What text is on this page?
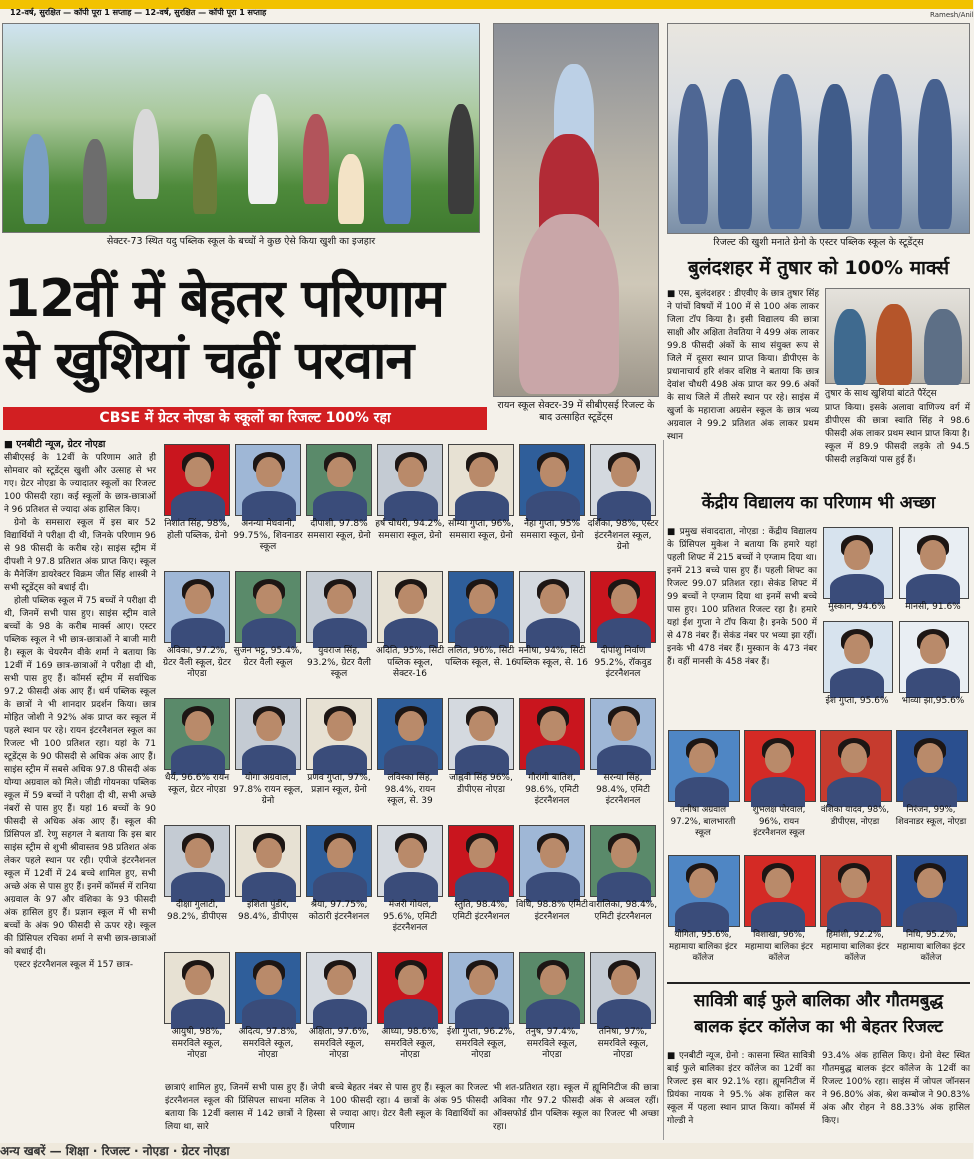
12-वर्ष, सुरक्षित — कॉपी पूरा 1 सप्ताह — 12-वर्ष, सुरक्षित — कॉपी पूरा 1 सप्ताह	Ramesh/Anil
सेक्टर-73 स्थित यदु पब्लिक स्कूल के बच्चों ने कुछ ऐसे किया खुशी का इजहार
रायन स्कूल सेक्टर-39 में सीबीएसई रिजल्ट के बाद उत्साहित स्टूडेंट्स
रिजल्ट की खुशी मनाते ग्रेनो के एस्टर पब्लिक स्कूल के स्टूडेंट्स
12वीं में बेहतर परिणाम
से खुशियां चढ़ीं परवान
CBSE में ग्रेटर नोएडा के स्कूलों का रिजल्ट 100% रहा
■ एनबीटी न्यूज, ग्रेटर नोएडा

सीबीएसई के 12वीं के परिणाम आते ही सोमवार को स्टूडेंट्स खुशी और उत्साह से भर गए। ग्रेटर नोएडा के ज्यादातर स्कूलों का रिजल्ट 100 फीसदी रहा। कई स्कूलों के छात्र-छात्राओं ने 96 प्रतिशत से ज्यादा अंक हासिल किए।

ग्रेनो के समसारा स्कूल में इस बार 52 विद्यार्थियों ने परीक्षा दी थी, जिनके परिणाम 96 से 98 फीसदी के करीब रहे। साइंस स्ट्रीम में दीपशी ने 97.8 प्रतिशत अंक प्राप्त किए। स्कूल के मैनेजिंग डायरेक्टर विक्रम जीत सिंह शास्त्री ने सभी स्टूडेंट्स को बधाई दी।

होली पब्लिक स्कूल में 75 बच्चों ने परीक्षा दी थी, जिनमें सभी पास हुए। साइंस स्ट्रीम वाले बच्चों के 98 के करीब मार्क्स आए। एस्टर पब्लिक स्कूल ने भी छात्र-छात्राओं ने बाजी मारी है। स्कूल के चेयरमैन वीके शर्मा ने बताया कि 12वीं में 169 छात्र-छात्राओं ने परीक्षा दी थी, सभी पास हुए हैं। कॉमर्स स्ट्रीम में सर्वाधिक 97.2 फीसदी अंक आए हैं। धर्म पब्लिक स्कूल के छात्रों ने भी शानदार प्रदर्शन किया। छात्र मोहित जोशी ने 92% अंक प्राप्त कर स्कूल में पहले स्थान पर रहे। रायन इंटरनैशनल स्कूल का रिजल्ट भी 100 प्रतिशत रहा। यहां के 71 स्टूडेंट्स के 90 फीसदी से अधिक अंक आए हैं। साइंस स्ट्रीम में सबसे अधिक 97.8 फीसदी अंक योग्या अग्रवाल को मिले। जीडी गोयनका पब्लिक स्कूल में 59 बच्चों ने परीक्षा दी थी, सभी अच्छे नंबरों से पास हुए हैं। यहां 16 बच्चों के 90 फीसदी से अधिक अंक आए हैं। स्कूल की प्रिंसिपल डॉ. रेणु सहगल ने बताया कि इस बार साइंस स्ट्रीम से शुभी श्रीवास्तव 98 प्रतिशत अंक लेकर पहले स्थान पर रही। एपीजे इंटरनैशनल स्कूल में 12वीं में 24 बच्चे शामिल हुए, सभी अच्छे अंक से पास हुए हैं। इनमें कॉमर्स में रानिया अग्रवाल के 97 और वंशिका के 93 फीसदी अंक हासिल हुए हैं। प्रज्ञान स्कूल में भी सभी बच्चों के अंक 90 फीसदी से ऊपर रहे। स्कूल की प्रिंसिपल रचिका शर्मा ने सभी छात्र-छात्राओं को बधाई दी।

एस्टर इंटरनैशनल स्कूल में 157 छात्र-

निशांत सिंह, 98%, होली पब्लिक, ग्रेनो
अनन्या मेधवानी, 99.75%, शिवनाडर स्कूल
दीपाशी, 97.8% समसारा स्कूल, ग्रेनो
हर्ष चौधरी, 94.2%, समसारा स्कूल, ग्रेनो
सौम्या गुप्ता, 96%, समसारा स्कूल, ग्रेनो
नेहा गुप्ता, 95% समसारा स्कूल, ग्रेनो
दर्शिका, 98%, एस्टर इंटरनैशनल स्कूल, ग्रेनो
अविका, 97.2%, ग्रेटर वैली स्कूल, ग्रेटर नोएडा
सुजन भट्ट, 95.4%, ग्रेटर वैली स्कूल
युवराज सिंह, 93.2%, ग्रेटर वैली स्कूल
अदिति, 95%, सिटी पब्लिक स्कूल, सेक्टर-16
ललित, 96%, सिटी पब्लिक स्कूल, से. 16
मनीषा, 94%, सिटी पब्लिक स्कूल, से. 16
दीपांशु निर्वाण 95.2%, रॉकवुड इंटरनैशनल
धैर्य, 96.6% रायन स्कूल, ग्रेटर नोएडा
योगा अग्रवाल, 97.8% रायन स्कूल, ग्रेनो
प्रणव गुप्ता, 97%, प्रज्ञान स्कूल, ग्रेनो
लविस्का सिंह, 98.4%, रायन स्कूल, से. 39
जाह्नवी सिंह 96%, डीपीएस नोएडा
गौरांगी बातिश, 98.6%, एमिटी इंटरनैशनल
सरन्या सिंह, 98.4%, एमिटी इंटरनैशनल
दीक्षा गुलाटी, 98.2%, डीपीएस
इशिता पुंडीर, 98.4%, डीपीएस
श्रेया, 97.75%, कोठारी इंटरनैशनल
मंजरी गोयल, 95.6%, एमिटी इंटरनैशनल
स्तुति, 98.4%, एमिटी इंटरनैशनल
विधि, 98.8% एमिटी इंटरनैशनल
वारालिका, 98.4%, एमिटी इंटरनैशनल
आयुषी, 98%, समरविले स्कूल, नोएडा
अदित्य, 97.8%, समरविले स्कूल, नोएडा
अक्षिता, 97.6%, समरविले स्कूल, नोएडा
आध्या, 98.6%, समरविले स्कूल, नोएडा
ईशा गुप्ता, 96.2%, समरविले स्कूल, नोएडा
तनुष, 97.4%, समरविले स्कूल, नोएडा
तनिषा, 97%, समरविले स्कूल, नोएडा
छात्राएं शामिल हुए, जिनमें सभी पास हुए हैं। जेपी इंटरनैशनल स्कूल की प्रिंसिपल साधना मलिक ने बताया कि 12वीं क्लास में 142 छात्रों ने हिस्सा लिया था, सारे
बच्चे बेहतर नंबर से पास हुए हैं। स्कूल का रिजल्ट 100 फीसदी रहा। 4 छात्रों के अंक 95 फीसदी से ज्यादा आए। ग्रेटर वैली स्कूल के विद्यार्थियों का परिणाम
भी शत-प्रतिशत रहा। स्कूल में ह्यूमिनिटीज की छात्रा अविका गौर 97.2 फीसदी अंक से अव्वल रहीं। ऑक्सफोर्ड ग्रीन पब्लिक स्कूल का रिजल्ट भी अच्छा रहा।
बुलंदशहर में तुषार को 100% मार्क्स
■ एस, बुलंदशहर : डीएवीए के छात्र तुषार सिंह ने पांचों विषयों में 100 में से 100 अंक लाकर जिला टॉप किया है। इसी विद्यालय की छात्रा साक्षी और अक्षिता तेवतिया ने 499 अंक लाकर 99.8 फीसदी अंकों के साथ संयुक्त रूप से जिले में दूसरा स्थान प्राप्त किया। डीपीएस के प्रधानाचार्य हरि शंकर वशिष्ठ ने बताया कि छात्र देवांश चौधरी 498 अंक प्राप्त कर 99.6 अंकों के साथ जिले में तीसरे स्थान पर रहे। साइंस में खुर्जा के महाराजा अग्रसेन स्कूल के छात्र भव्य अग्रवाल ने 99.2 प्रतिशत अंक लाकर प्रथम स्थान
तुषार के साथ खुशियां बांटते पैरेंट्स
प्राप्त किया। इसके अलावा वाणिज्य वर्ग में डीपीएस की छात्रा स्वाति सिंह ने 98.6 फीसदी अंक लाकर प्रथम स्थान प्राप्त किया है। स्कूल में 89.9 फीसदी लड़के तो 94.5 फीसदी लड़कियां पास हुई हैं।
केंद्रीय विद्यालय का परिणाम भी अच्छा
■ प्रमुख संवाददाता, नोएडा : केंद्रीय विद्यालय के प्रिंसिपल मुकेश ने बताया कि हमारे यहां पहली शिफ्ट में 215 बच्चों ने एग्जाम दिया था। इनमें 213 बच्चे पास हुए हैं। पहली शिफ्ट का रिजल्ट 99.07 प्रतिशत रहा। सेकंड शिफ्ट में 99 बच्चों ने एग्जाम दिया था इनमें सभी बच्चे पास हुए। 100 प्रतिशत रिजल्ट रहा है। हमारे यहां ईश गुप्ता ने टॉप किया है। इनके 500 में से 478 नंबर हैं। सेकंड नंबर पर भव्या झा रहीं। इनके भी 478 नंबर हैं। मुस्कान के 473 नंबर हैं। वहीं मानसी के 458 नंबर हैं।
मुस्कान, 94.6%	मानसी, 91.6%
ईश गुप्ता, 95.6%	भाव्या झा,95.6%
तनीषा अग्रवाल 97.2%, बालभारती स्कूल
शुभलक्ष पोरवाल, 96%, रायन इंटरनैशनल स्कूल
वंशिका यादव, 98%, डीपीएस, नोएडा
निरंजन, 99%, शिवनाडर स्कूल, नोएडा
योगिता, 95.6%, महामाया बालिका इंटर कॉलेज
विशाखा, 96%, महामाया बालिका इंटर कॉलेज
हिमांशी, 92.2%, महामाया बालिका इंटर कॉलेज
निधि, 95.2%, महामाया बालिका इंटर कॉलेज
सावित्री बाई फुले बालिका और गौतमबुद्ध
बालक इंटर कॉलेज का भी बेहतर रिजल्ट
■ एनबीटी न्यूज, ग्रेनो : कासना स्थित सावित्री बाई फुले बालिका इंटर कॉलेज का 12वीं का रिजल्ट इस बार 92.1% रहा। ह्यूमनिटीज में प्रियंका नायक ने 95.% अंक हासिल कर स्कूल में पहला स्थान प्राप्त किया। कॉमर्स में गोल्डी ने
93.4% अंक हासिल किए। ग्रेनो वेस्ट स्थित गौतमबुद्ध बालक इंटर कॉलेज के 12वीं का रिजल्ट 100% रहा। साइंस में जोपल जॉनसन ने 96.80% अंक, श्रेश कम्बोज ने 90.83% अंक और रोहन ने 88.33% अंक हासिल किए।
अन्य खबरें — शिक्षा · रिजल्ट · नोएडा · ग्रेटर नोएडा
